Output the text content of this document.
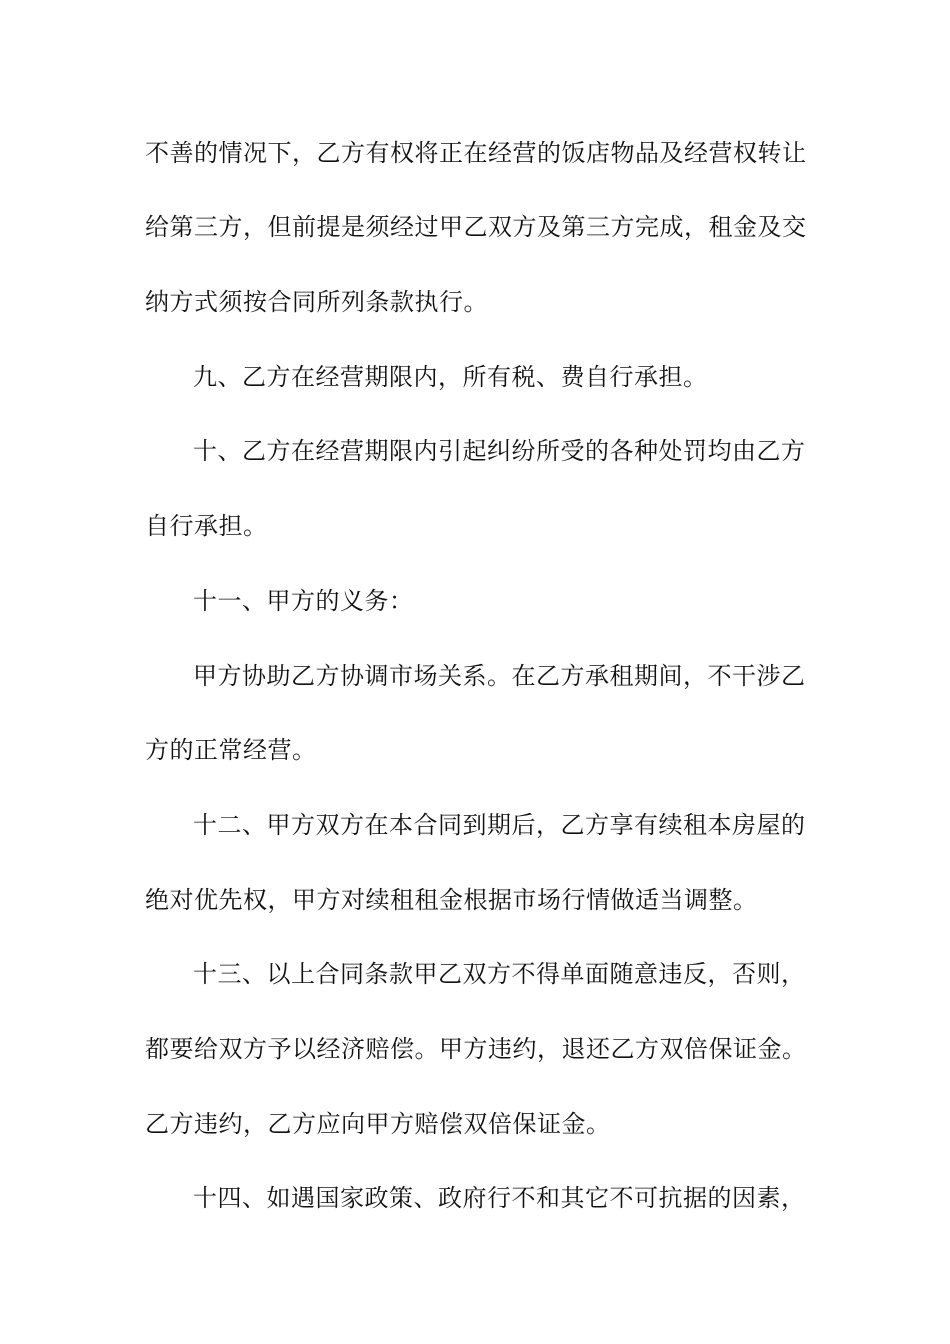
不善的情况下，乙方有权将正在经营的饭店物品及经营权转让
给第三方，但前提是须经过甲乙双方及第三方完成，租金及交
纳方式须按合同所列条款执行。
九、乙方在经营期限内，所有税、费自行承担。
十、乙方在经营期限内引起纠纷所受的各种处罚均由乙方
自行承担。
十一、甲方的义务：
甲方协助乙方协调市场关系。在乙方承租期间，不干涉乙
方的正常经营。
十二、甲方双方在本合同到期后，乙方享有续租本房屋的
绝对优先权，甲方对续租租金根据市场行情做适当调整。
十三、以上合同条款甲乙双方不得单面随意违反，否则，
都要给双方予以经济赔偿。甲方违约，退还乙方双倍保证金。
乙方违约，乙方应向甲方赔偿双倍保证金。
十四、如遇国家政策、政府行不和其它不可抗据的因素，
